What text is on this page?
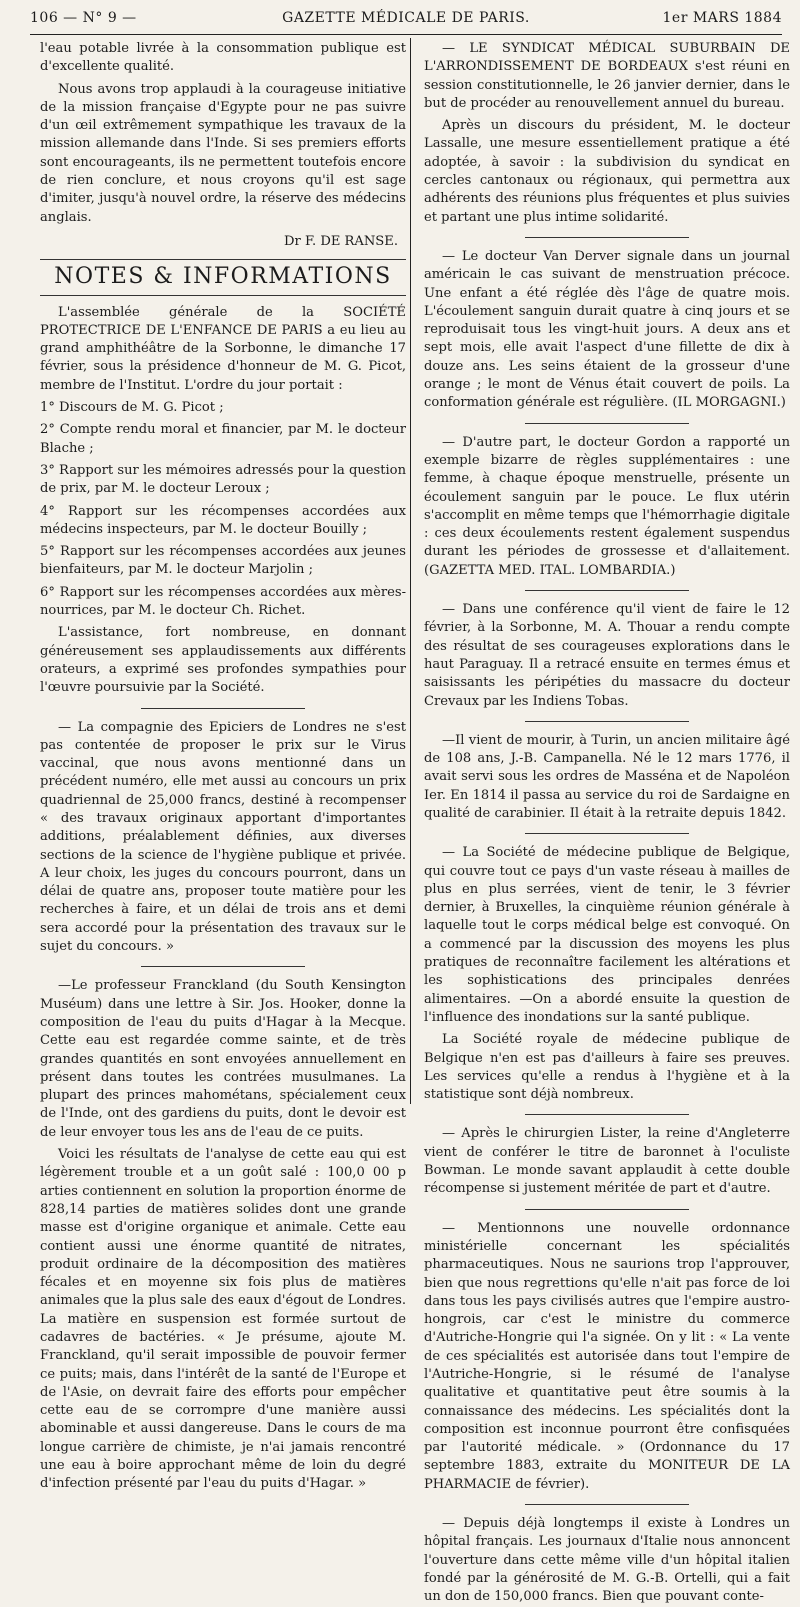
106 — N° 9 —	GAZETTE MÉDICALE DE PARIS.	1er MARS 1884

l'eau potable livrée à la consommation publique est d'excellente qualité.

Nous avons trop applaudi à la courageuse initiative de la mission française d'Egypte pour ne pas suivre d'un œil extrêmement sympathique les travaux de la mission allemande dans l'Inde. Si ses premiers efforts sont encourageants, ils ne permettent toutefois encore de rien conclure, et nous croyons qu'il est sage d'imiter, jusqu'à nouvel ordre, la réserve des médecins anglais.

Dr F. DE RANSE.
NOTES & INFORMATIONS

L'assemblée générale de la SOCIÉTÉ PROTECTRICE DE L'ENFANCE DE PARIS a eu lieu au grand amphithéâtre de la Sorbonne, le dimanche 17 février, sous la présidence d'honneur de M. G. Picot, membre de l'Institut. L'ordre du jour portait :

1° Discours de M. G. Picot ;

2° Compte rendu moral et financier, par M. le docteur Blache ;

3° Rapport sur les mémoires adressés pour la question de prix, par M. le docteur Leroux ;

4° Rapport sur les récompenses accordées aux médecins inspecteurs, par M. le docteur Bouilly ;

5° Rapport sur les récompenses accordées aux jeunes bienfaiteurs, par M. le docteur Marjolin ;

6° Rapport sur les récompenses accordées aux mères-nourrices, par M. le docteur Ch. Richet.

L'assistance, fort nombreuse, en donnant généreusement ses applaudissements aux différents orateurs, a exprimé ses profondes sympathies pour l'œuvre poursuivie par la Société.

— La compagnie des Epiciers de Londres ne s'est pas contentée de proposer le prix sur le Virus vaccinal, que nous avons mentionné dans un précédent numéro, elle met aussi au concours un prix quadriennal de 25,000 francs, destiné à recompenser « des travaux originaux apportant d'importantes additions, préalablement définies, aux diverses sections de la science de l'hygiène publique et privée. A leur choix, les juges du concours pourront, dans un délai de quatre ans, proposer toute matière pour les recherches à faire, et un délai de trois ans et demi sera accordé pour la présentation des travaux sur le sujet du concours. »

—Le professeur Franckland (du South Kensington Muséum) dans une lettre à Sir. Jos. Hooker, donne la composition de l'eau du puits d'Hagar à la Mecque. Cette eau est regardée comme sainte, et de très grandes quantités en sont envoyées annuellement en présent dans toutes les contrées musulmanes. La plupart des princes mahométans, spécialement ceux de l'Inde, ont des gardiens du puits, dont le devoir est de leur envoyer tous les ans de l'eau de ce puits.

Voici les résultats de l'analyse de cette eau qui est légèrement trouble et a un goût salé : 100,0 00 p arties contiennent en solution la proportion énorme de 828,14 parties de matières solides dont une grande masse est d'origine organique et animale. Cette eau contient aussi une énorme quantité de nitrates, produit ordinaire de la décomposition des matières fécales et en moyenne six fois plus de matières animales que la plus sale des eaux d'égout de Londres. La matière en suspension est formée surtout de cadavres de bactéries. « Je présume, ajoute M. Franckland, qu'il serait impossible de pouvoir fermer ce puits; mais, dans l'intérêt de la santé de l'Europe et de l'Asie, on devrait faire des efforts pour empêcher cette eau de se corrompre d'une manière aussi abominable et aussi dangereuse. Dans le cours de ma longue carrière de chimiste, je n'ai jamais rencontré une eau à boire approchant même de loin du degré d'infection présenté par l'eau du puits d'Hagar. »

— LE SYNDICAT MÉDICAL SUBURBAIN DE L'ARRONDISSEMENT DE BORDEAUX s'est réuni en session constitutionnelle, le 26 janvier dernier, dans le but de procéder au renouvellement annuel du bureau.

Après un discours du président, M. le docteur Lassalle, une mesure essentiellement pratique a été adoptée, à savoir : la subdivision du syndicat en cercles cantonaux ou régionaux, qui permettra aux adhérents des réunions plus fréquentes et plus suivies et partant une plus intime solidarité.

— Le docteur Van Derver signale dans un journal américain le cas suivant de menstruation précoce. Une enfant a été réglée dès l'âge de quatre mois. L'écoulement sanguin durait quatre à cinq jours et se reproduisait tous les vingt-huit jours. A deux ans et sept mois, elle avait l'aspect d'une fillette de dix à douze ans. Les seins étaient de la grosseur d'une orange ; le mont de Vénus était couvert de poils. La conformation générale est régulière. (IL MORGAGNI.)

— D'autre part, le docteur Gordon a rapporté un exemple bizarre de règles supplémentaires : une femme, à chaque époque menstruelle, présente un écoulement sanguin par le pouce. Le flux utérin s'accomplit en même temps que l'hémorrhagie digitale : ces deux écoulements restent également suspendus durant les périodes de grossesse et d'allaitement. (GAZETTA MED. ITAL. LOMBARDIA.)

— Dans une conférence qu'il vient de faire le 12 février, à la Sorbonne, M. A. Thouar a rendu compte des résultat de ses courageuses explorations dans le haut Paraguay. Il a retracé ensuite en termes émus et saisissants les péripéties du massacre du docteur Crevaux par les Indiens Tobas.

—Il vient de mourir, à Turin, un ancien militaire âgé de 108 ans, J.-B. Campanella. Né le 12 mars 1776, il avait servi sous les ordres de Masséna et de Napoléon Ier. En 1814 il passa au service du roi de Sardaigne en qualité de carabinier. Il était à la retraite depuis 1842.

— La Société de médecine publique de Belgique, qui couvre tout ce pays d'un vaste réseau à mailles de plus en plus serrées, vient de tenir, le 3 février dernier, à Bruxelles, la cinquième réunion générale à laquelle tout le corps médical belge est convoqué. On a commencé par la discussion des moyens les plus pratiques de reconnaître facilement les altérations et les sophistications des principales denrées alimentaires. —On a abordé ensuite la question de l'influence des inondations sur la santé publique.

La Société royale de médecine publique de Belgique n'en est pas d'ailleurs à faire ses preuves. Les services qu'elle a rendus à l'hygiène et à la statistique sont déjà nombreux.

— Après le chirurgien Lister, la reine d'Angleterre vient de conférer le titre de baronnet à l'oculiste Bowman. Le monde savant applaudit à cette double récompense si justement méritée de part et d'autre.

— Mentionnons une nouvelle ordonnance ministérielle concernant les spécialités pharmaceutiques. Nous ne saurions trop l'approuver, bien que nous regrettions qu'elle n'ait pas force de loi dans tous les pays civilisés autres que l'empire austro-hongrois, car c'est le ministre du commerce d'Autriche-Hongrie qui l'a signée. On y lit : « La vente de ces spécialités est autorisée dans tout l'empire de l'Autriche-Hongrie, si le résumé de l'analyse qualitative et quantitative peut être soumis à la connaissance des médecins. Les spécialités dont la composition est inconnue pourront être confisquées par l'autorité médicale. » (Ordonnance du 17 septembre 1883, extraite du MONITEUR DE LA PHARMACIE de février).

— Depuis déjà longtemps il existe à Londres un hôpital français. Les journaux d'Italie nous annoncent l'ouverture dans cette même ville d'un hôpital italien fondé par la générosité de M. G.-B. Ortelli, qui a fait un don de 150,000 francs. Bien que pouvant conte-
